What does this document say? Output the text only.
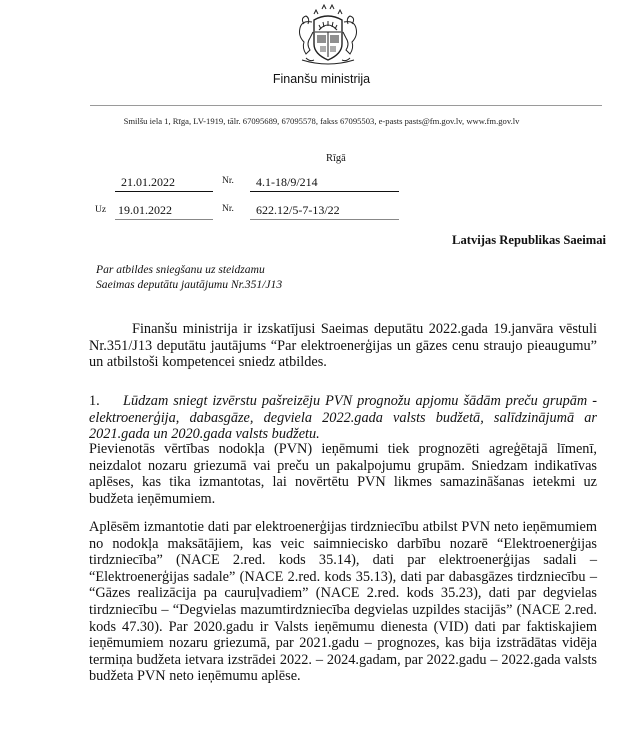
Finanšu ministrija
Smilšu iela 1, Rīga, LV-1919, tālr. 67095689, 67095578, fakss 67095503, e-pasts pasts@fm.gov.lv, www.fm.gov.lv
Rīgā
21.01.2022	Nr.	4.1-18/9/214
Uz 19.01.2022	Nr.	622.12/5-7-13/22
Latvijas Republikas Saeimai
Par atbildes sniegšanu uz steidzamu
Saeimas deputātu jautājumu Nr.351/J13

Finanšu ministrija ir izskatījusi Saeimas deputātu 2022.gada 19.janvāra vēstuli Nr.351/J13 deputātu jautājums “Par elektroenerģijas un gāzes cenu straujo pieaugumu” un atbilstoši kompetencei sniedz atbildes.

1. Lūdzam sniegt izvērstu pašreizēju PVN prognožu apjomu šādām preču grupām - elektroenerģija, dabasgāze, degviela 2022.gada valsts budžetā, salīdzinājumā ar 2021.gada un 2020.gada valsts budžetu.

Pievienotās vērtības nodokļa (PVN) ieņēmumi tiek prognozēti agreģētajā līmenī, neizdalot nozaru griezumā vai preču un pakalpojumu grupām. Sniedzam indikatīvas aplēses, kas tika izmantotas, lai novērtētu PVN likmes samazināšanas ietekmi uz budžeta ieņēmumiem.

Aplēsēm izmantotie dati par elektroenerģijas tirdzniecību atbilst PVN neto ieņēmumiem no nodokļa maksātājiem, kas veic saimniecisko darbību nozarē “Elektroenerģijas tirdzniecība” (NACE 2.red. kods 35.14), dati par elektroenerģijas sadali – “Elektroenerģijas sadale” (NACE 2.red. kods 35.13), dati par dabasgāzes tirdzniecību – “Gāzes realizācija pa cauruļvadiem” (NACE 2.red. kods 35.23), dati par degvielas tirdzniecību – “Degvielas mazumtirdzniecība degvielas uzpildes stacijās” (NACE 2.red. kods 47.30). Par 2020.gadu ir Valsts ieņēmumu dienesta (VID) dati par faktiskajiem ieņēmumiem nozaru griezumā, par 2021.gadu – prognozes, kas bija izstrādātas vidēja termiņa budžeta ietvara izstrādei 2022. – 2024.gadam, par 2022.gadu – 2022.gada valsts budžeta PVN neto ieņēmumu aplēse.
